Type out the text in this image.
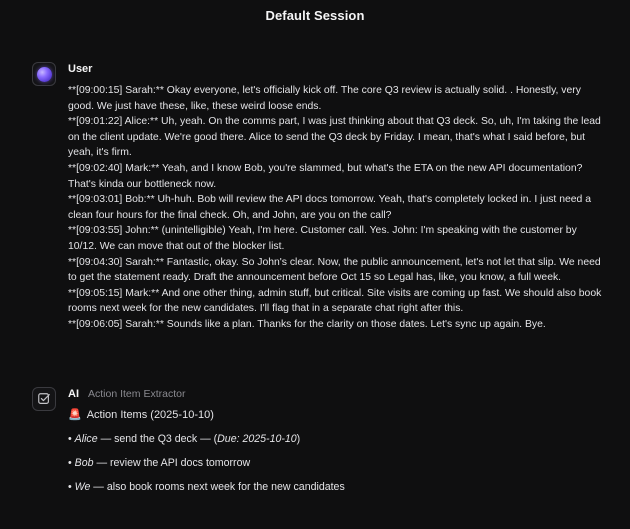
Default Session
User

**[09:00:15] Sarah:** Okay everyone, let's officially kick off. The core Q3 review is actually solid. . Honestly, very good. We just have these, like, these weird loose ends.

**[09:01:22] Alice:** Uh, yeah. On the comms part, I was just thinking about that Q3 deck. So, uh, I'm taking the lead on the client update. We're good there. Alice to send the Q3 deck by Friday. I mean, that's what I said before, but yeah, it's firm.

**[09:02:40] Mark:** Yeah, and I know Bob, you're slammed, but what's the ETA on the new API documentation? That's kinda our bottleneck now.

**[09:03:01] Bob:** Uh-huh. Bob will review the API docs tomorrow. Yeah, that's completely locked in. I just need a clean four hours for the final check. Oh, and John, are you on the call?

**[09:03:55] John:** (unintelligible) Yeah, I'm here. Customer call. Yes. John: I'm speaking with the customer by 10/12. We can move that out of the blocker list.

**[09:04:30] Sarah:** Fantastic, okay. So John's clear. Now, the public announcement, let's not let that slip. We need to get the statement ready. Draft the announcement before Oct 15 so Legal has, like, you know, a full week.

**[09:05:15] Mark:** And one other thing, admin stuff, but critical. Site visits are coming up fast. We should also book rooms next week for the new candidates. I'll flag that in a separate chat right after this.

**[09:06:05] Sarah:** Sounds like a plan. Thanks for the clarity on those dates. Let's sync up again. Bye.

AI Action Item Extractor
🚨 Action Items (2025-10-10)
• Alice — send the Q3 deck — (Due: 2025-10-10)
• Bob — review the API docs tomorrow
• We — also book rooms next week for the new candidates
